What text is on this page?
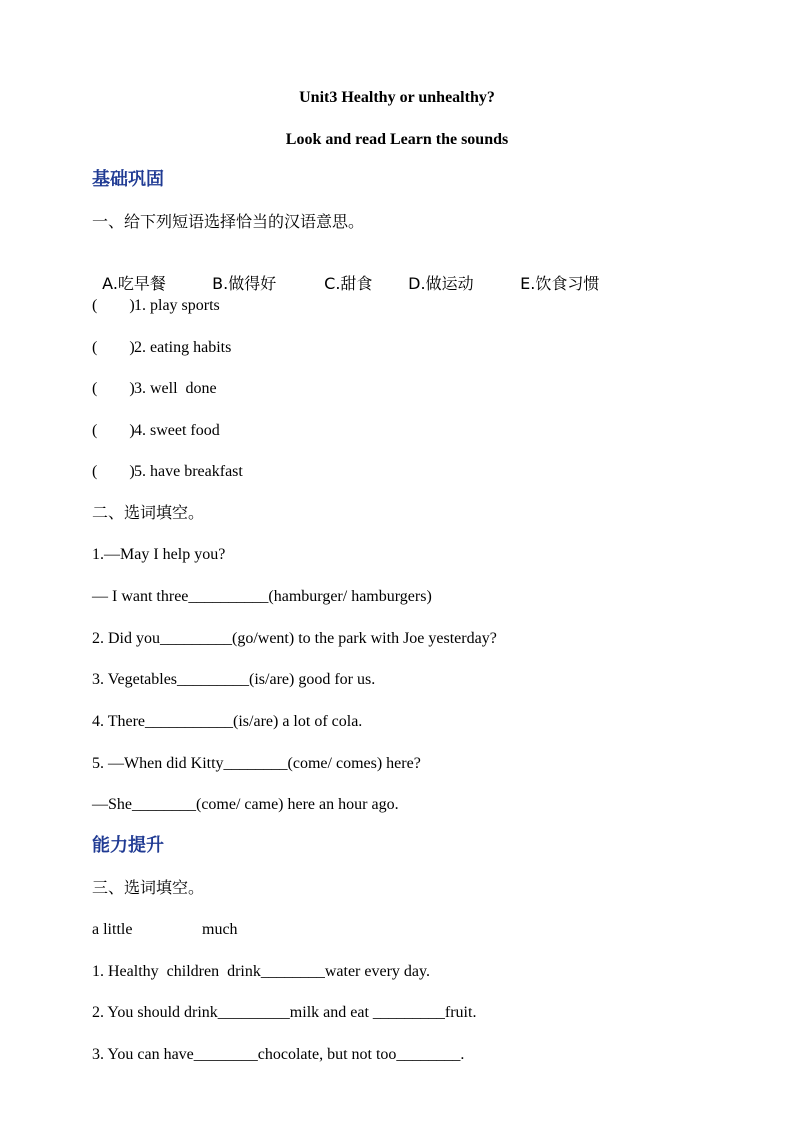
Unit3 Healthy or unhealthy?
Look and read Learn the sounds
基础巩固
一、给下列短语选择恰当的汉语意思。

A.吃早餐	B.做得好	C.甜食 D.做运动	E.饮食习惯

(        )1. play sports
(        )2. eating habits
(        )3. well  done
(        )4. sweet food
(        )5. have breakfast
二、选词填空。
1.—May I help you?
— I want three__________(hamburger/ hamburgers)
2. Did you_________(go/went) to the park with Joe yesterday?
3. Vegetables_________(is/are) good for us.
4. There___________(is/are) a lot of cola.
5. —When did Kitty________(come/ comes) here?
—She________(come/ came) here an hour ago.
能力提升
三、选词填空。
a little	much
1. Healthy  children  drink________water every day.
2. You should drink_________milk and eat _________fruit.
3. You can have________chocolate, but not too________.
